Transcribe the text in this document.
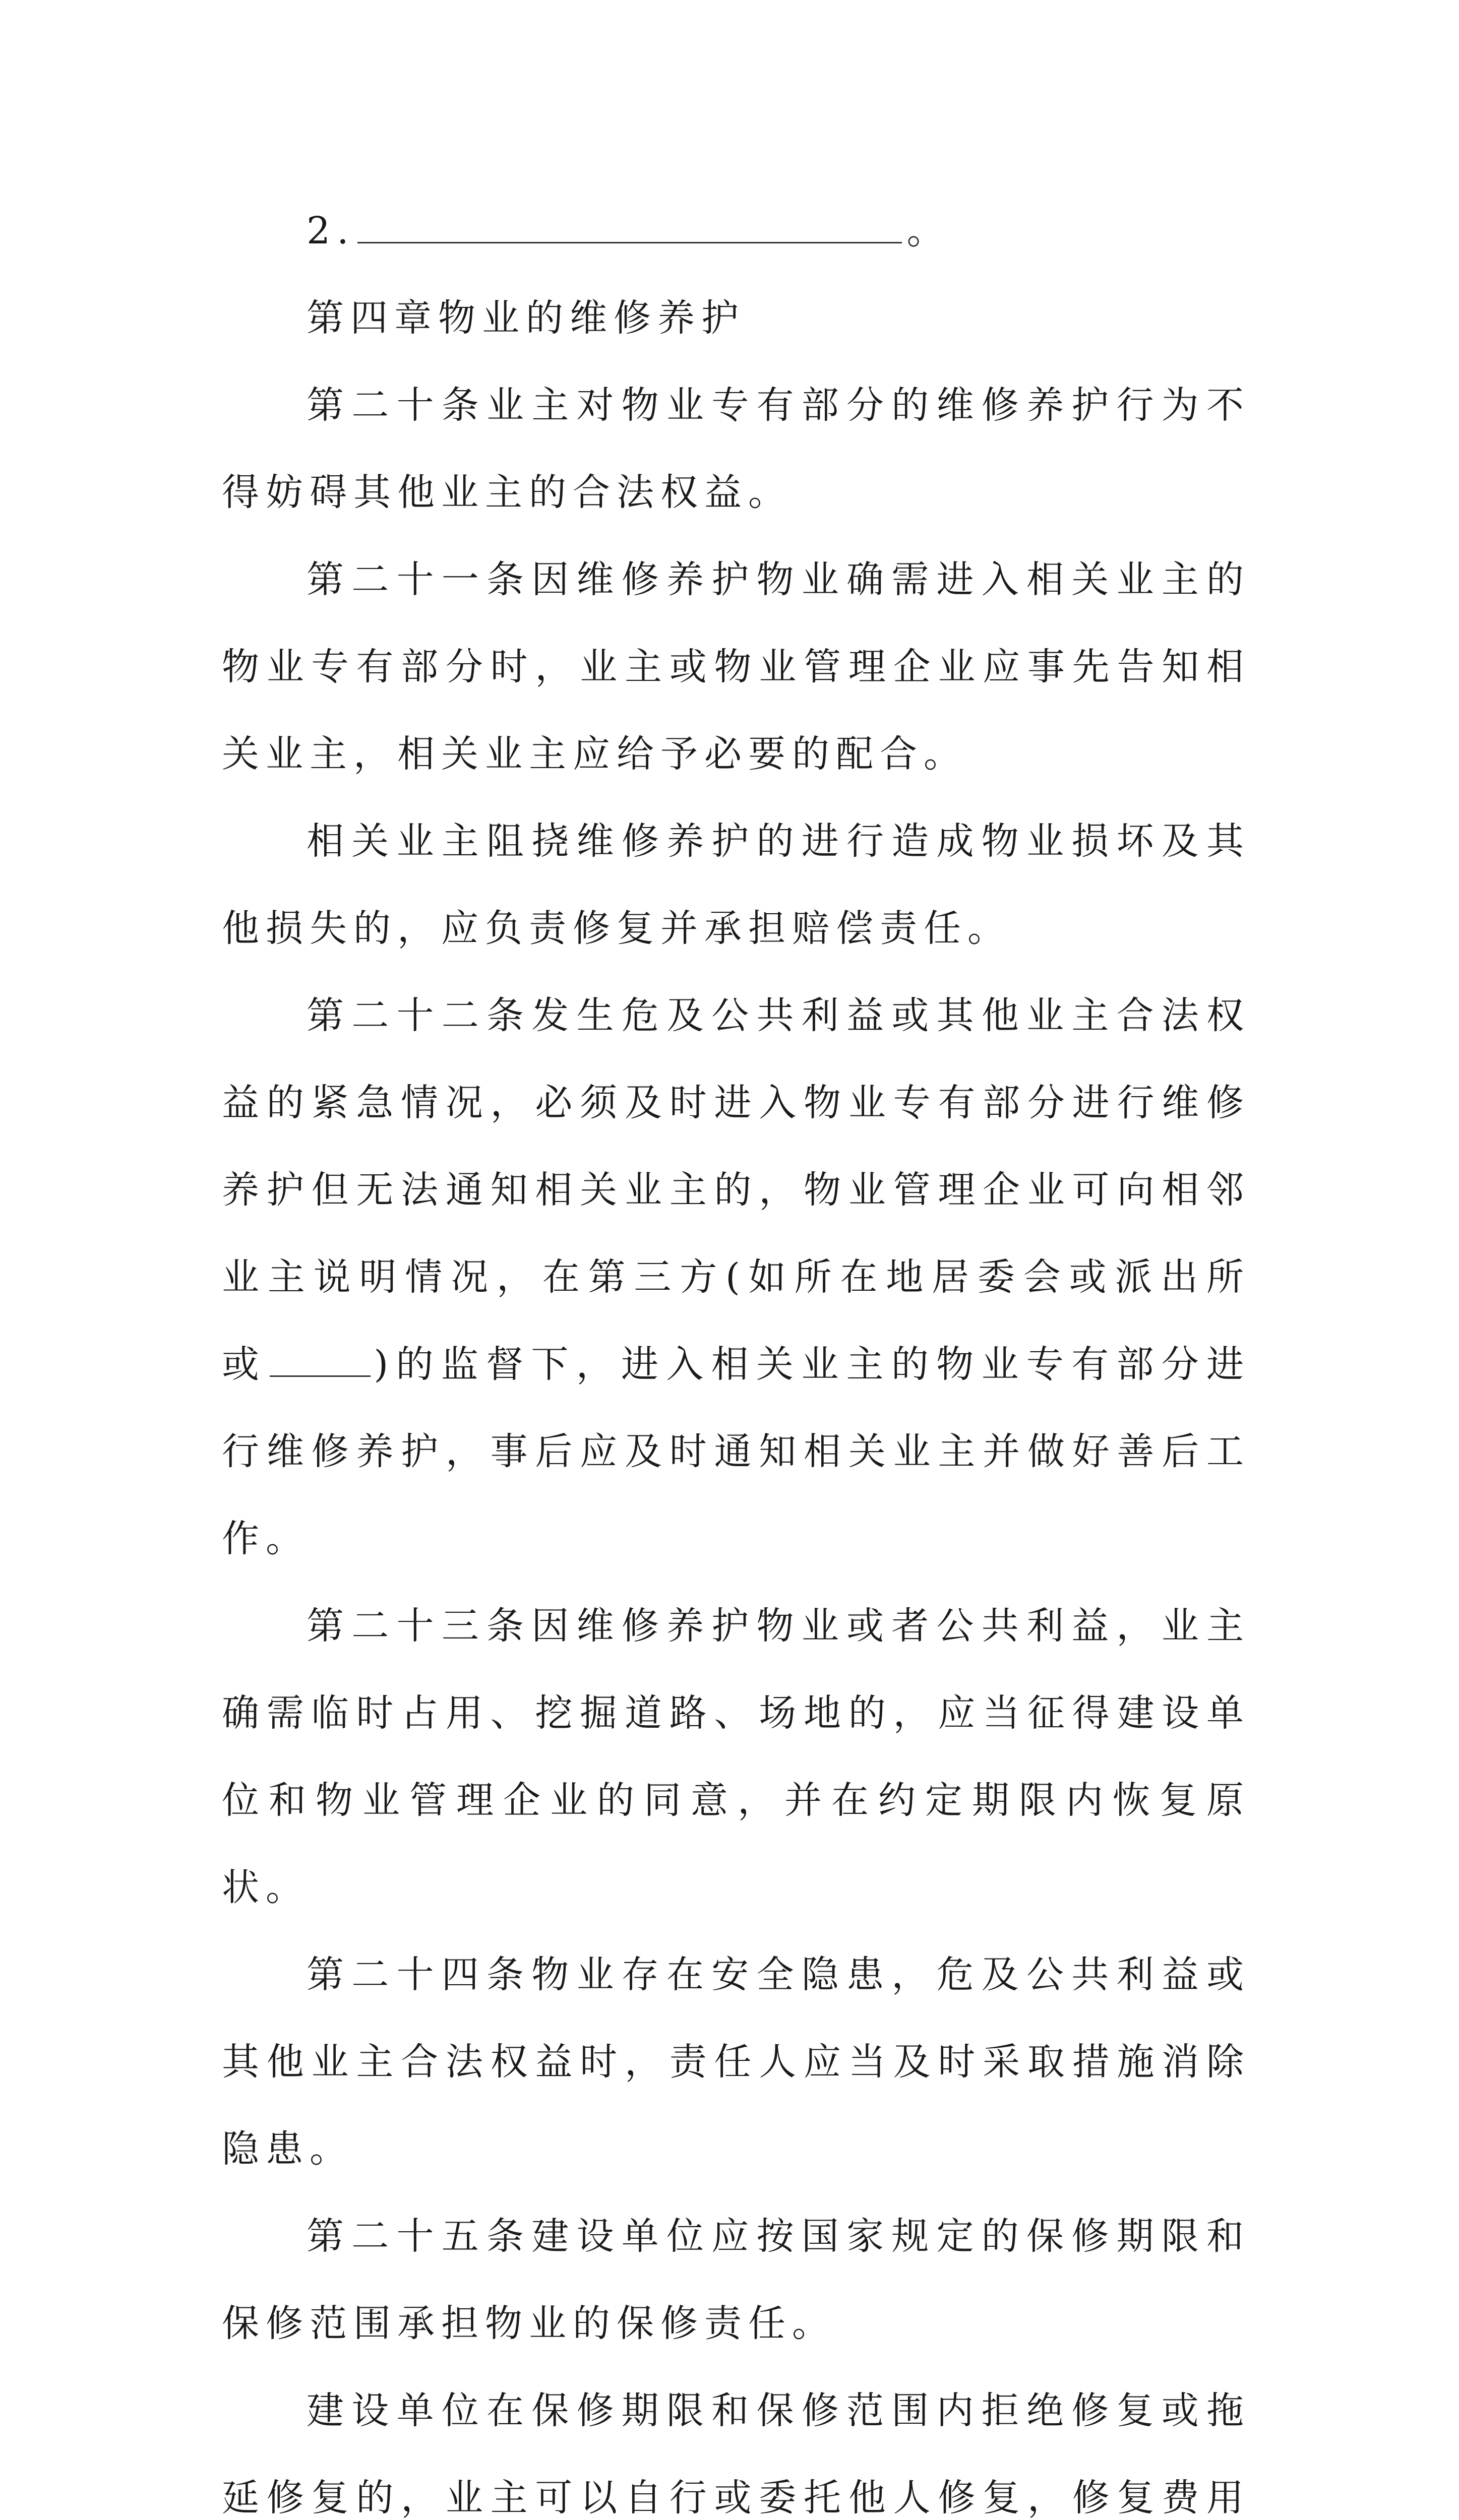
2.	。

第四章物业的维修养护

第二十条业主对物业专有部分的维修养护行为不得妨碍其他业主的合法权益。

第二十一条因维修养护物业确需进入相关业主的物业专有部分时，业主或物业管理企业应事先告知相关业主，相关业主应给予必要的配合。

相关业主阻挠维修养护的进行造成物业损坏及其他损失的，应负责修复并承担赔偿责任。

第二十二条发生危及公共利益或其他业主合法权益的紧急情况，必须及时进入物业专有部分进行维修养护但无法通知相关业主的，物业管理企业可向相邻业主说明情况，在第三方(如所在地居委会或派出所或	)的监督下，进入相关业主的物业专有部分进行维修养护，事后应及时通知相关业主并做好善后工作。

第二十三条因维修养护物业或者公共利益，业主确需临时占用、挖掘道路、场地的，应当征得建设单位和物业管理企业的同意，并在约定期限内恢复原状。

第二十四条物业存在安全隐患，危及公共利益或其他业主合法权益时，责任人应当及时采取措施消除隐患。

第二十五条建设单位应按国家规定的保修期限和保修范围承担物业的保修责任。

建设单位在保修期限和保修范围内拒绝修复或拖延修复的，业主可以自行或委托他人修复，修复费用
